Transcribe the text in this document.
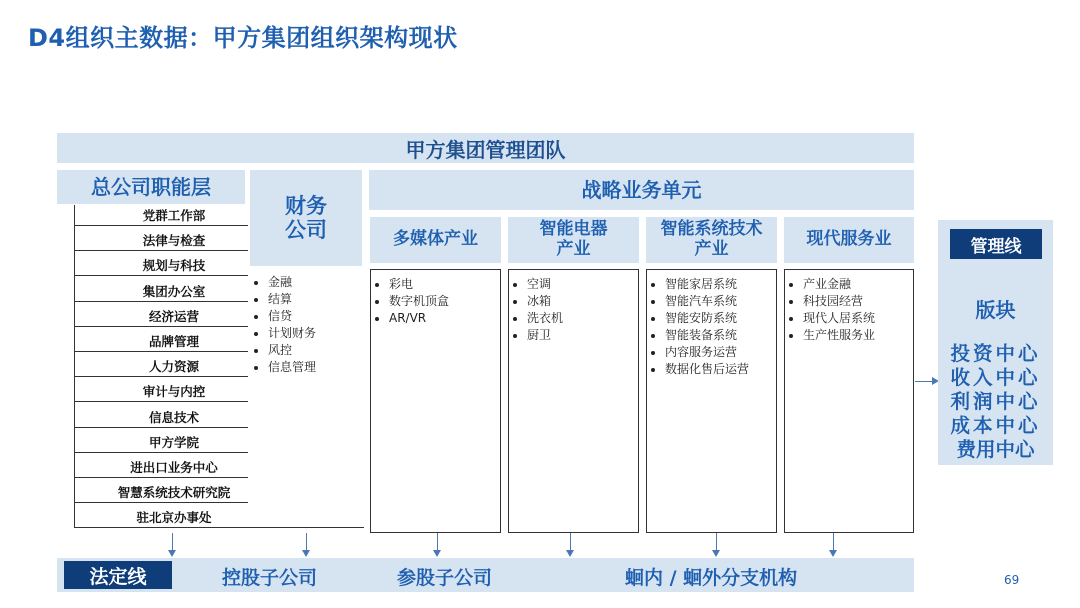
D4组织主数据：甲方集团组织架构现状
甲方集团管理团队
总公司职能层
党群工作部
法律与检查
规划与科技
集团办公室
经济运营
品牌管理
人力资源
审计与内控
信息技术
甲方学院
进出口业务中心
智慧系统技术研究院
驻北京办事处
财务
公司
• 金融
• 结算
• 信贷
• 计划财务
• 风控
• 信息管理
战略业务单元
多媒体产业
• 彩电
• 数字机顶盒
• AR/VR
智能电器
产业
• 空调
• 冰箱
• 洗衣机
• 厨卫
智能系统技术
产业
• 智能家居系统
• 智能汽车系统
• 智能安防系统
• 智能装备系统
• 内容服务运营
• 数据化售后运营
现代服务业
• 产业金融
• 科技园经营
• 现代人居系统
• 生产性服务业
管理线
版块
投资中心
收入中心
利润中心
成本中心
费用中心
法定线	控股子公司	参股子公司	蛔内 / 蛔外分支机构	69
